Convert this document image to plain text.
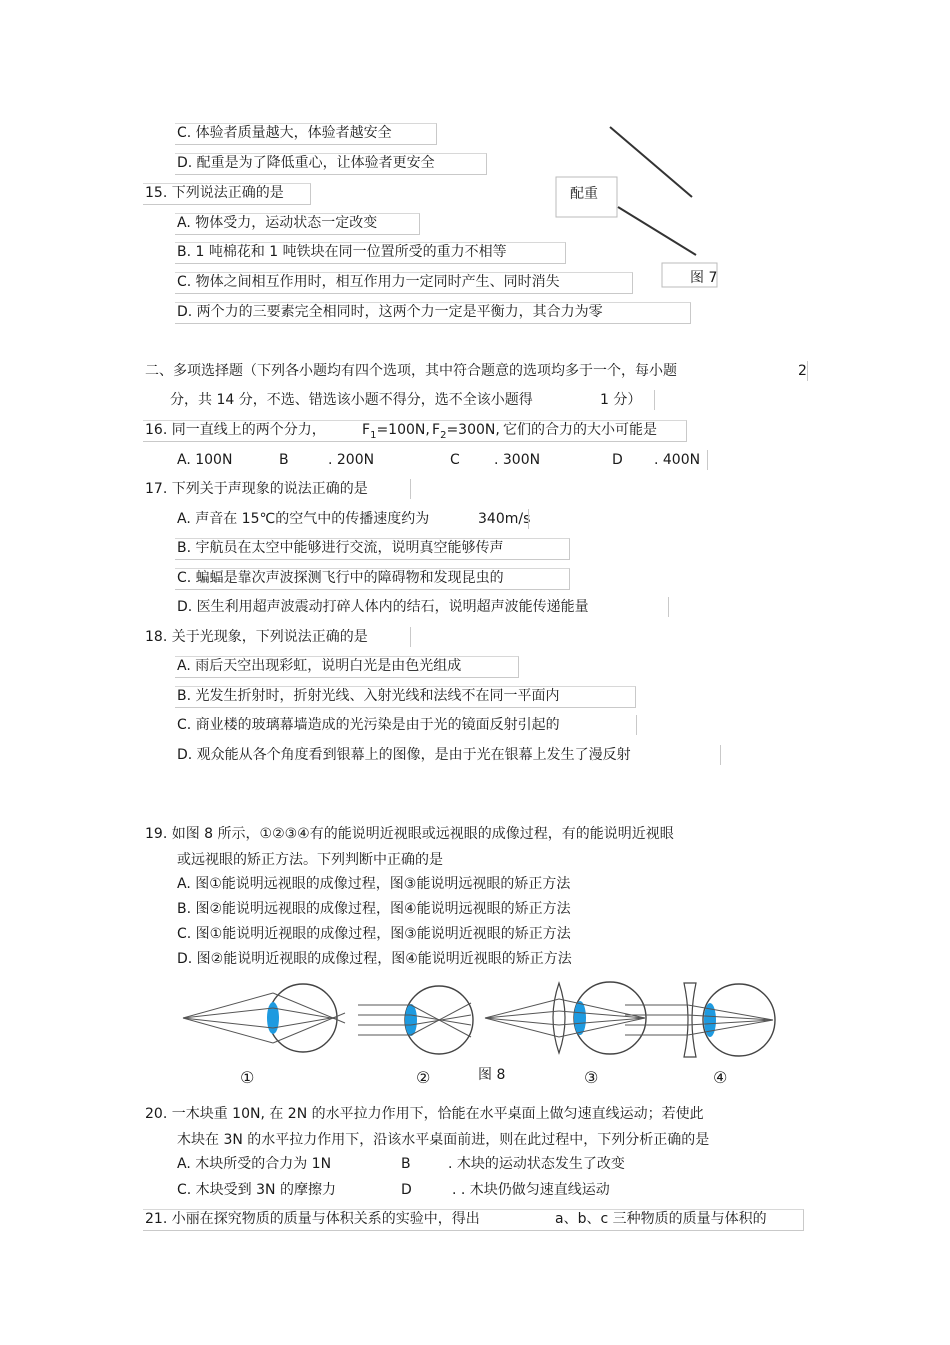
C. 体验者质量越大，体验者越安全
D. 配重是为了降低重心，让体验者更安全
配重
图 7
15. 下列说法正确的是
A. 物体受力，运动状态一定改变
B. 1 吨棉花和 1 吨铁块在同一位置所受的重力不相等
C. 物体之间相互作用时，相互作用力一定同时产生、同时消失
D. 两个力的三要素完全相同时，这两个力一定是平衡力，其合力为零
二、多项选择题（下列各小题均有四个选项，其中符合题意的选项均多于一个，每小题	2
分，共 14 分，不选、错选该小题不得分，选不全该小题得	1 分）
16. 同一直线上的两个分力，	$F_1=100N$, $F_2=300N$, 它们的合力的大小可能是
A. 100N	B	. 200N	C . 300N	D . 400N
17. 下列关于声现象的说法正确的是
A. 声音在 15℃的空气中的传播速度约为	340m/s
B. 宇航员在太空中能够进行交流，说明真空能够传声
C. 蝙蝠是靠次声波探测飞行中的障碍物和发现昆虫的
D. 医生利用超声波震动打碎人体内的结石，说明超声波能传递能量
18. 关于光现象，下列说法正确的是
A. 雨后天空出现彩虹，说明白光是由色光组成
B. 光发生折射时，折射光线、入射光线和法线不在同一平面内
C. 商业楼的玻璃幕墙造成的光污染是由于光的镜面反射引起的
D. 观众能从各个角度看到银幕上的图像，是由于光在银幕上发生了漫反射
19. 如图 8 所示，①②③④有的能说明近视眼或远视眼的成像过程，有的能说明近视眼
或远视眼的矫正方法。下列判断中正确的是
A. 图①能说明远视眼的成像过程，图③能说明远视眼的矫正方法
B. 图②能说明远视眼的成像过程，图④能说明远视眼的矫正方法
C. 图①能说明近视眼的成像过程，图③能说明近视眼的矫正方法
D. 图②能说明近视眼的成像过程，图④能说明近视眼的矫正方法
①	②	图 8	③	④
20. 一木块重 10N, 在 2N 的水平拉力作用下，恰能在水平桌面上做匀速直线运动；若使此
木块在 3N 的水平拉力作用下，沿该水平桌面前进，则在此过程中，下列分析正确的是
A. 木块所受的合力为 1N	B	. 木块的运动状态发生了改变
C. 木块受到 3N 的摩擦力	D	. . 木块仍做匀速直线运动
21. 小丽在探究物质的质量与体积关系的实验中，得出	a、b、c 三种物质的质量与体积的
